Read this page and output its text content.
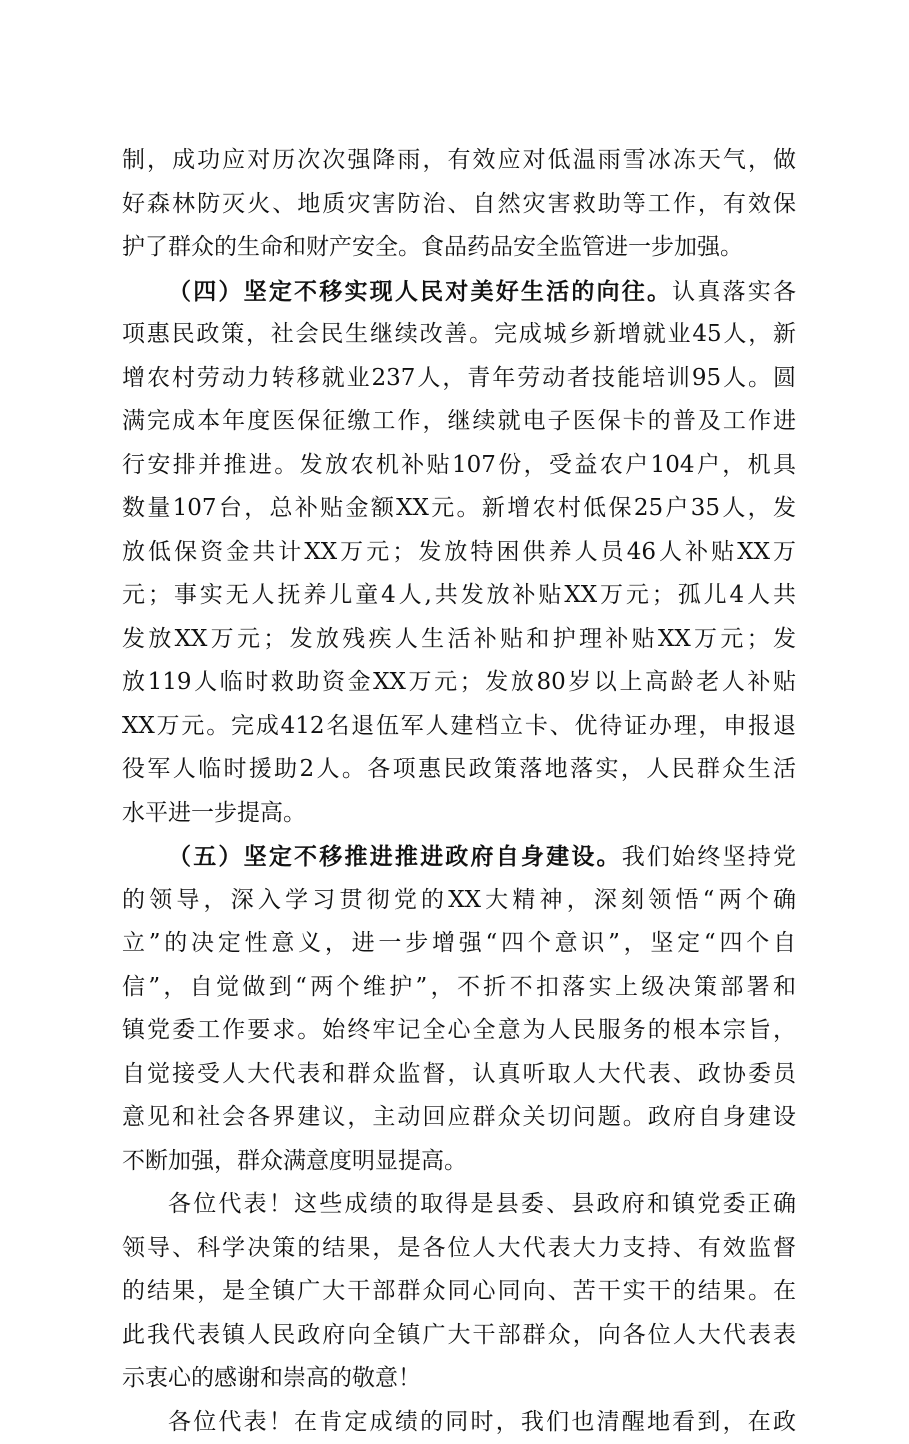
制，成功应对历次次强降雨，有效应对低温雨雪冰冻天气，做
好森林防灭火、地质灾害防治、自然灾害救助等工作，有效保
护了群众的生命和财产安全。食品药品安全监管进一步加强。
（四）坚定不移实现人民对美好生活的向往。认真落实各
项惠民政策，社会民生继续改善。完成城乡新增就业45人，新
增农村劳动力转移就业237人，青年劳动者技能培训95人。圆
满完成本年度医保征缴工作，继续就电子医保卡的普及工作进
行安排并推进。发放农机补贴107份，受益农户104户，机具
数量107台，总补贴金额XX元。新增农村低保25户35人，发
放低保资金共计XX万元；发放特困供养人员46人补贴XX万
元；事实无人抚养儿童4人,共发放补贴XX万元；孤儿4人共
发放XX万元；发放残疾人生活补贴和护理补贴XX万元；发
放119人临时救助资金XX万元；发放80岁以上高龄老人补贴
XX万元。完成412名退伍军人建档立卡、优待证办理，申报退
役军人临时援助2人。各项惠民政策落地落实，人民群众生活
水平进一步提高。
（五）坚定不移推进推进政府自身建设。我们始终坚持党
的领导，深入学习贯彻党的XX大精神，深刻领悟“两个确
立”的决定性意义，进一步增强“四个意识”，坚定“四个自
信”，自觉做到“两个维护”，不折不扣落实上级决策部署和
镇党委工作要求。始终牢记全心全意为人民服务的根本宗旨，
自觉接受人大代表和群众监督，认真听取人大代表、政协委员
意见和社会各界建议，主动回应群众关切问题。政府自身建设
不断加强，群众满意度明显提高。
各位代表！这些成绩的取得是县委、县政府和镇党委正确
领导、科学决策的结果，是各位人大代表大力支持、有效监督
的结果，是全镇广大干部群众同心同向、苦干实干的结果。在
此我代表镇人民政府向全镇广大干部群众，向各位人大代表表
示衷心的感谢和崇高的敬意！
各位代表！在肯定成绩的同时，我们也清醒地看到，在政
